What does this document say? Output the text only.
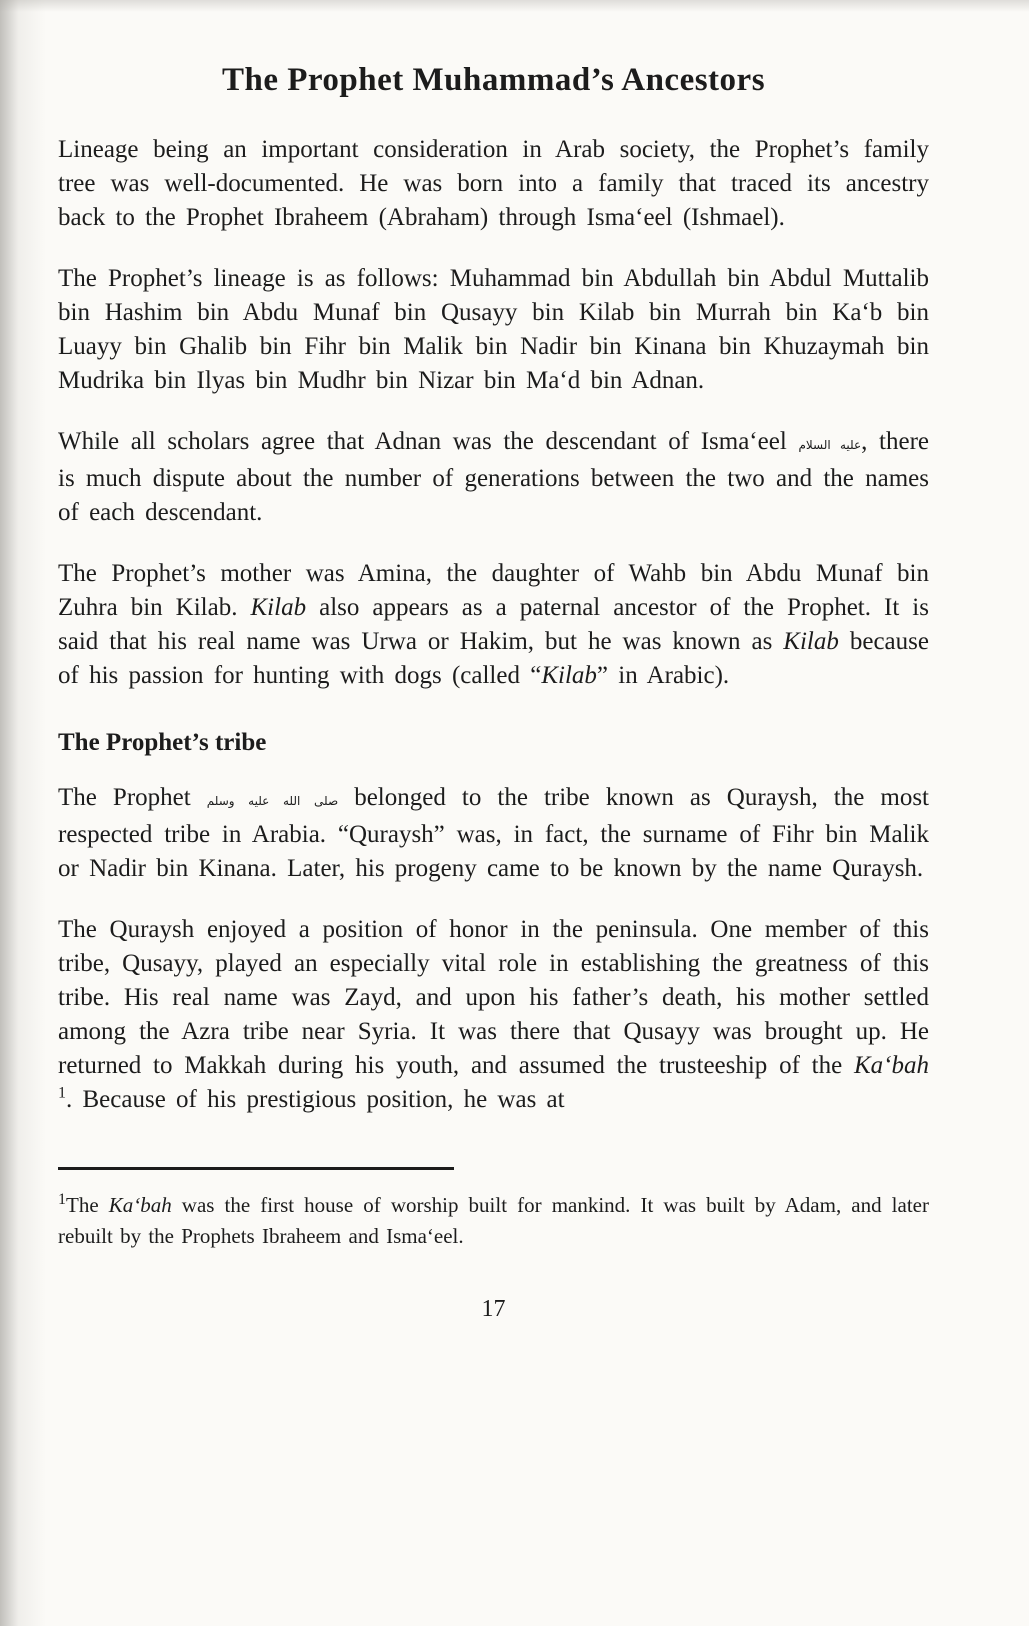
The Prophet Muhammad’s Ancestors

Lineage being an important consideration in Arab society, the Prophet’s family tree was well-documented. He was born into a family that traced its ancestry back to the Prophet Ibraheem (Abraham) through Isma‘eel (Ishmael).

The Prophet’s lineage is as follows: Muhammad bin Abdullah bin Abdul Muttalib bin Hashim bin Abdu Munaf bin Qusayy bin Kilab bin Murrah bin Ka‘b bin Luayy bin Ghalib bin Fihr bin Malik bin Nadir bin Kinana bin Khuzaymah bin Mudrika bin Ilyas bin Mudhr bin Nizar bin Ma‘d bin Adnan.

While all scholars agree that Adnan was the descendant of Isma‘eel عليه السلام, there is much dispute about the number of generations between the two and the names of each descendant.

The Prophet’s mother was Amina, the daughter of Wahb bin Abdu Munaf bin Zuhra bin Kilab. Kilab also appears as a paternal ancestor of the Prophet. It is said that his real name was Urwa or Hakim, but he was known as Kilab because of his passion for hunting with dogs (called “Kilab” in Arabic).

The Prophet’s tribe

The Prophet صلى الله عليه وسلم belonged to the tribe known as Quraysh, the most respected tribe in Arabia. “Quraysh” was, in fact, the surname of Fihr bin Malik or Nadir bin Kinana. Later, his progeny came to be known by the name Quraysh.

The Quraysh enjoyed a position of honor in the peninsula. One member of this tribe, Qusayy, played an especially vital role in establishing the greatness of this tribe. His real name was Zayd, and upon his father’s death, his mother settled among the Azra tribe near Syria. It was there that Qusayy was brought up. He returned to Makkah during his youth, and assumed the trusteeship of the Ka‘bah $^1$. Because of his prestigious position, he was at

$^1$The Ka‘bah was the first house of worship built for mankind. It was built by Adam, and later rebuilt by the Prophets Ibraheem and Isma‘eel.

17
